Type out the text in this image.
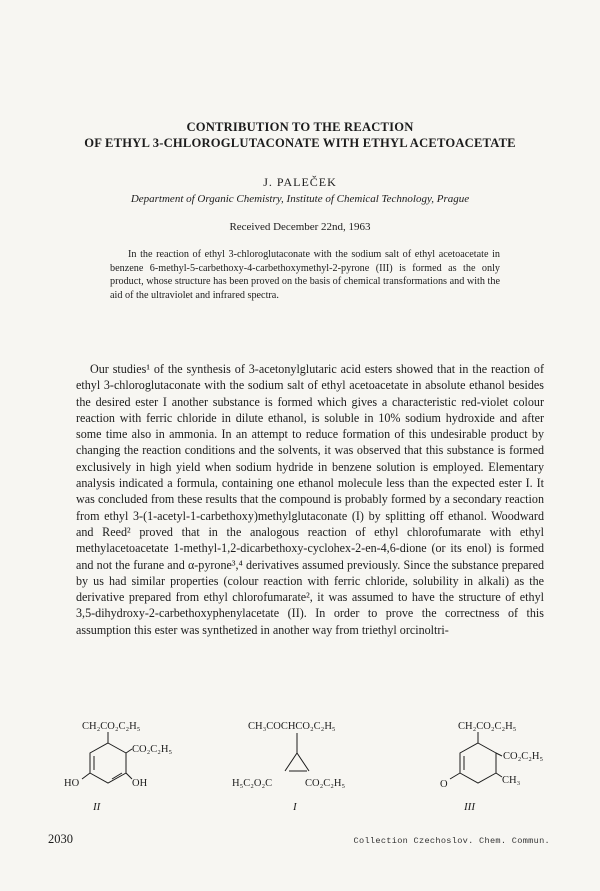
CONTRIBUTION TO THE REACTION
OF ETHYL 3-CHLOROGLUTACONATE WITH ETHYL ACETOACETATE
J. PALEČEK
Department of Organic Chemistry, Institute of Chemical Technology, Prague
Received December 22nd, 1963
In the reaction of ethyl 3-chloroglutaconate with the sodium salt of ethyl acetoacetate in benzene 6-methyl-5-carbethoxy-4-carbethoxymethyl-2-pyrone (III) is formed as the only product, whose structure has been proved on the basis of chemical transformations and with the aid of the ultraviolet and infrared spectra.
Our studies¹ of the synthesis of 3-acetonylglutaric acid esters showed that in the reaction of ethyl 3-chloroglutaconate with the sodium salt of ethyl acetoacetate in absolute ethanol besides the desired ester I another substance is formed which gives a characteristic red-violet colour reaction with ferric chloride in dilute ethanol, is soluble in 10% sodium hydroxide and after some time also in ammonia. In an attempt to reduce formation of this undesirable product by changing the reaction conditions and the solvents, it was observed that this substance is formed exclusively in high yield when sodium hydride in benzene solution is employed. Elementary analysis indicated a formula, containing one ethanol molecule less than the expected ester I. It was concluded from these results that the compound is probably formed by a secondary reaction from ethyl 3-(1-acetyl-1-carbethoxy)methylglutaconate (I) by splitting off ethanol. Woodward and Reed² proved that in the analogous reaction of ethyl chlorofumarate with ethyl methylacetoacetate 1-methyl-1,2-dicarbethoxy-cyclohex-2-en-4,6-dione (or its enol) is formed and not the furane and α-pyrone³,⁴ derivatives assumed previously. Since the substance prepared by us had similar properties (colour reaction with ferric chloride, solubility in alkali) as the derivative prepared from ethyl chlorofumarate², it was assumed to have the structure of ethyl 3,5-dihydroxy-2-carbethoxyphenylacetate (II). In order to prove the correctness of this assumption this ester was synthetized in another way from triethyl orcinoltri-
CH₂CO₂C₂H₅
CO₂C₂H₅
HO	OH
II
CH₃COCHCO₂C₂H₅
H₅C₂O₂C	CO₂C₂H₅
I
CH₂CO₂C₂H₅
CO₂C₂H₅
CH₃
O
III
2030	Collection Czechoslov. Chem. Commun.
